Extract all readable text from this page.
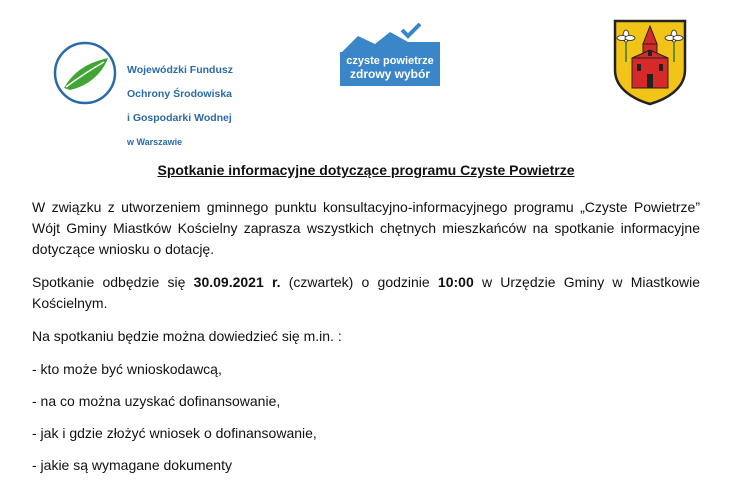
Wojewódzki Fundusz

Ochrony Środowiska

i Gospodarki Wodnej

w Warszawie

czyste powietrze
zdrowy wybór
Spotkanie informacyjne dotyczące programu Czyste Powietrze

W związku z utworzeniem gminnego punktu konsultacyjno-informacyjnego programu „Czyste Powietrze” Wójt Gminy Miastków Kościelny zaprasza wszystkich chętnych mieszkańców na spotkanie informacyjne dotyczące wniosku o dotację.

Spotkanie odbędzie się 30.09.2021 r. (czwartek) o godzinie 10:00 w Urzędzie Gminy w Miastkowie Kościelnym.

Na spotkaniu będzie można dowiedzieć się m.in. :

- kto może być wnioskodawcą,
- na co można uzyskać dofinansowanie,
- jak i gdzie złożyć wniosek o dofinansowanie,
- jakie są wymagane dokumenty
